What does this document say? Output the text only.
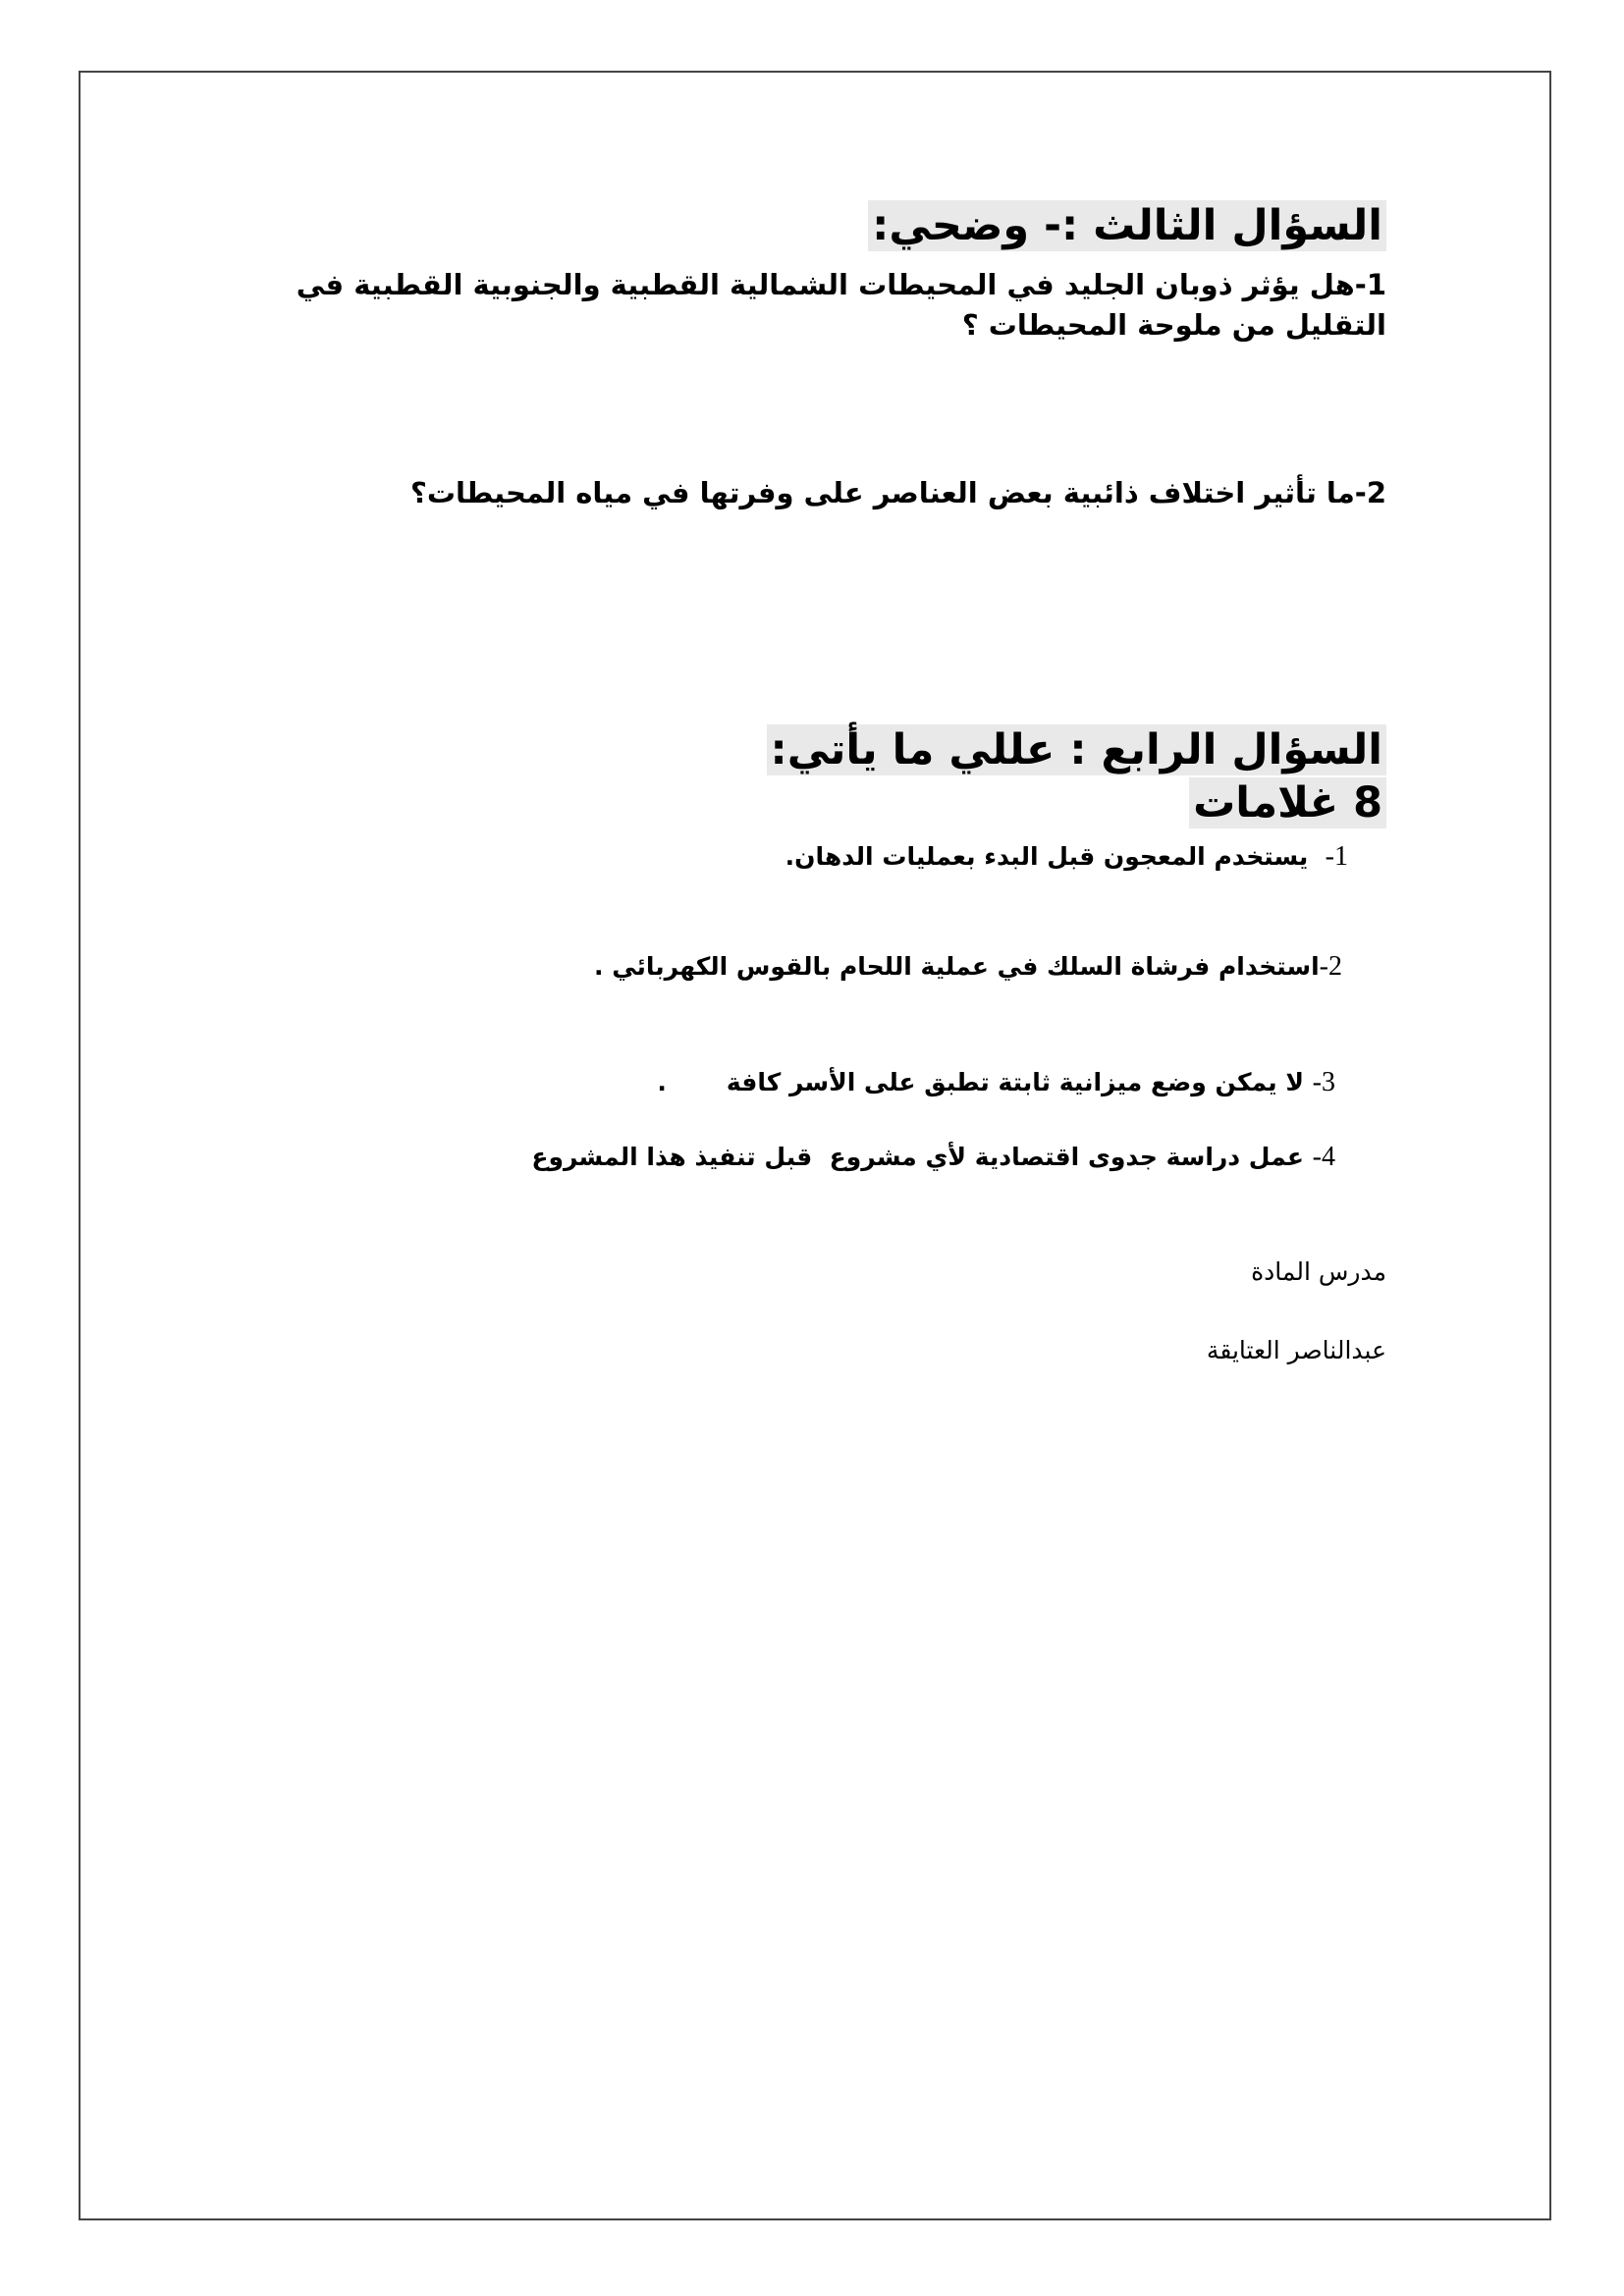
السؤال الثالث :- وضحي:
1-هل يؤثر ذوبان الجليد في المحيطات الشمالية القطبية والجنوبية القطبية في التقليل من ملوحة المحيطات ؟
2-ما تأثير اختلاف ذائبية بعض العناصر على وفرتها في مياه المحيطات؟
السؤال الرابع : عللي ما يأتي:
8 غلامات
1-  يستخدم المعجون قبل البدء بعمليات الدهان.
2-استخدام فرشاة السلك في عملية اللحام بالقوس الكهربائي .
3- لا يمكن وضع ميزانية ثابتة تطبق على الأسر كافة       .
4- عمل دراسة جدوى اقتصادية لأي مشروع  قبل تنفيذ هذا المشروع
مدرس المادة
عبدالناصر العتايقة
